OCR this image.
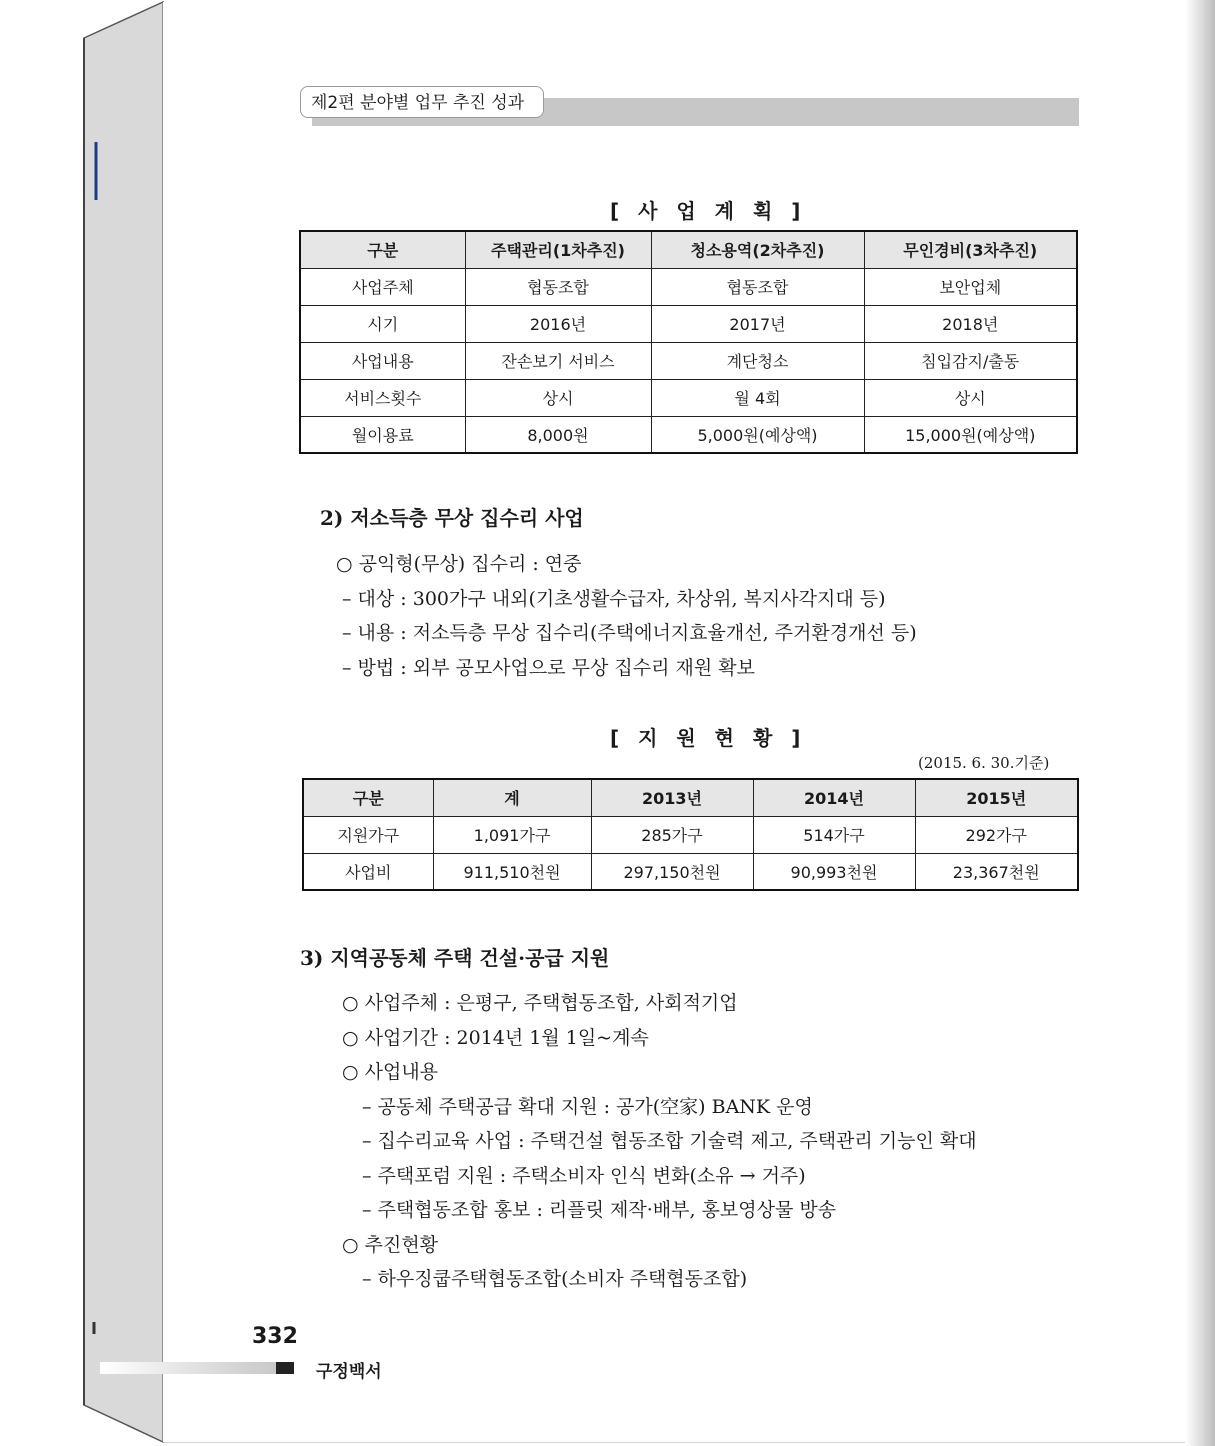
제2편 분야별 업무 추진 성과
[ 사 업 계 획 ]
구분	주택관리(1차추진)	청소용역(2차추진)	무인경비(3차추진)
사업주체	협동조합	협동조합	보안업체
시기	2016년	2017년	2018년
사업내용	잔손보기 서비스	계단청소	침입감지/출동
서비스횟수	상시	월 4회	상시
월이용료	8,000원	5,000원(예상액)	15,000원(예상액)
2) 저소득층 무상 집수리 사업
○ 공익형(무상) 집수리 : 연중
– 대상 : 300가구 내외(기초생활수급자, 차상위, 복지사각지대 등)
– 내용 : 저소득층 무상 집수리(주택에너지효율개선, 주거환경개선 등)
– 방법 : 외부 공모사업으로 무상 집수리 재원 확보
[ 지 원 현 황 ]
(2015. 6. 30.기준)
구분	계	2013년	2014년	2015년
지원가구	1,091가구	285가구	514가구	292가구
사업비	911,510천원	297,150천원	90,993천원	23,367천원
3) 지역공동체 주택 건설·공급 지원
○ 사업주체 : 은평구, 주택협동조합, 사회적기업
○ 사업기간 : 2014년 1월 1일~계속
○ 사업내용
– 공동체 주택공급 확대 지원 : 공가(空家) BANK 운영
– 집수리교육 사업 : 주택건설 협동조합 기술력 제고, 주택관리 기능인 확대
– 주택포럼 지원 : 주택소비자 인식 변화(소유 → 거주)
– 주택협동조합 홍보 : 리플릿 제작·배부, 홍보영상물 방송
○ 추진현황
– 하우징쿱주택협동조합(소비자 주택협동조합)
332
구정백서
